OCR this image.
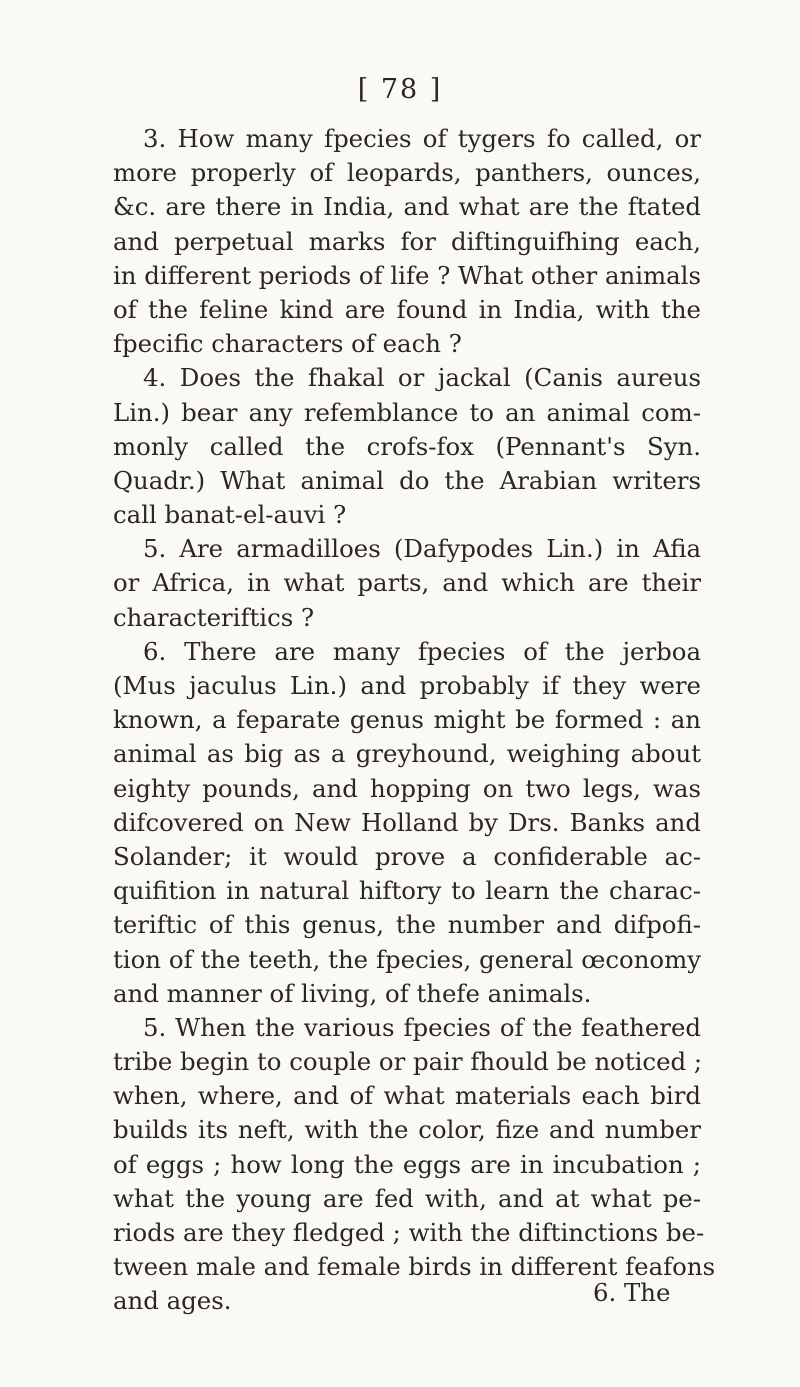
[ 78 ]
3. How many fpecies of tygers fo called, or
more properly of leopards, panthers, ounces,
&c. are there in India, and what are the ftated
and perpetual marks for diftinguifhing each,
in different periods of life ? What other animals
of the feline kind are found in India, with the
fpecific characters of each ?
4. Does the fhakal or jackal (Canis aureus
Lin.) bear any refemblance to an animal com-
monly called the crofs-fox (Pennant's Syn.
Quadr.) What animal do the Arabian writers
call banat-el-auvi ?
5. Are armadilloes (Dafypodes Lin.) in Afia
or Africa, in what parts, and which are their
characteriftics ?
6. There are many fpecies of the jerboa
(Mus jaculus Lin.) and probably if they were
known, a feparate genus might be formed : an
animal as big as a greyhound, weighing about
eighty pounds, and hopping on two legs, was
difcovered on New Holland by Drs. Banks and
Solander; it would prove a confiderable ac-
quifition in natural hiftory to learn the charac-
teriftic of this genus, the number and difpofi-
tion of the teeth, the fpecies, general œconomy
and manner of living, of thefe animals.
5. When the various fpecies of the feathered
tribe begin to couple or pair fhould be noticed ;
when, where, and of what materials each bird
builds its neft, with the color, fize and number
of eggs ; how long the eggs are in incubation ;
what the young are fed with, and at what pe-
riods are they fledged ; with the diftinctions be-
tween male and female birds in different feafons
and ages.	6. The
